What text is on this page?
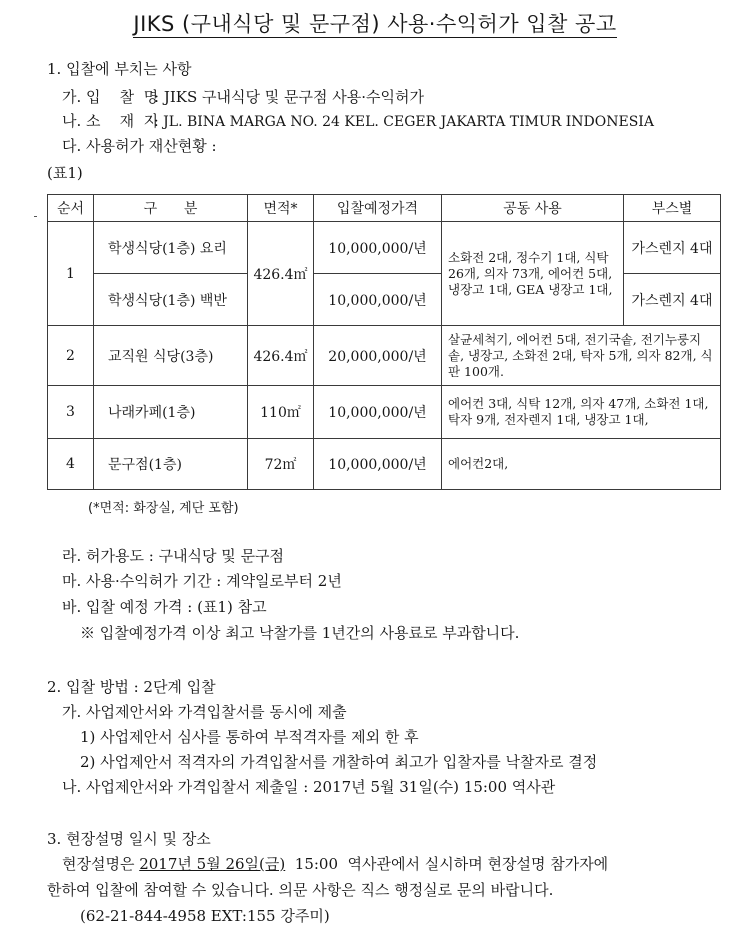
JIKS (구내식당 및 문구점) 사용·수익허가 입찰 공고
1. 입찰에 부치는 사항
가. 입    찰  명: JIKS 구내식당 및 문구점 사용·수익허가
나. 소    재  지: JL. BINA MARGA NO. 24 KEL. CEGER JAKARTA TIMUR INDONESIA
다. 사용허가 재산현황 :
(표1)
순서	구      분	면적*	입찰예정가격	공동 사용	부스별
1	학생식당(1층) 요리	426.4㎡	10,000,000/년	소화전 2대, 정수기 1대, 식탁 26개, 의자 73개, 에어컨 5대,냉장고 1대, GEA 냉장고 1대,	가스렌지 4대
	학생식당(1층) 백반		10,000,000/년		가스렌지 4대
2	교직원 식당(3층)	426.4㎡	20,000,000/년	살균세척기, 에어컨 5대, 전기국솥, 전기누룽지솥, 냉장고, 소화전 2대, 탁자 5개, 의자 82개, 식판 100개.	
3	나래카페(1층)	110㎡	10,000,000/년	에어컨 3대, 식탁 12개, 의자 47개, 소화전 1대, 탁자 9개, 전자렌지 1대, 냉장고 1대,	
4	문구점(1층)	72㎡	10,000,000/년	에어컨2대,	
(*면적: 화장실, 계단 포함)
라. 허가용도 : 구내식당 및 문구점
마. 사용·수익허가 기간 : 계약일로부터 2년
바. 입찰 예정 가격 : (표1) 참고
※ 입찰예정가격 이상 최고 낙찰가를 1년간의 사용료로 부과합니다.
2. 입찰 방법 : 2단계 입찰
가. 사업제안서와 가격입찰서를 동시에 제출
1) 사업제안서 심사를 통하여 부적격자를 제외 한 후
2) 사업제안서 적격자의 가격입찰서를 개찰하여 최고가 입찰자를 낙찰자로 결정
나. 사업제안서와 가격입찰서 제출일 : 2017년 5월 31일(수) 15:00 역사관
3. 현장설명 일시 및 장소
현장설명은 2017년 5월 26일(금)  15:00  역사관에서 실시하며 현장설명 참가자에
한하여 입찰에 참여할 수 있습니다. 의문 사항은 직스 행정실로 문의 바랍니다.
(62-21-844-4958 EXT:155 강주미)
